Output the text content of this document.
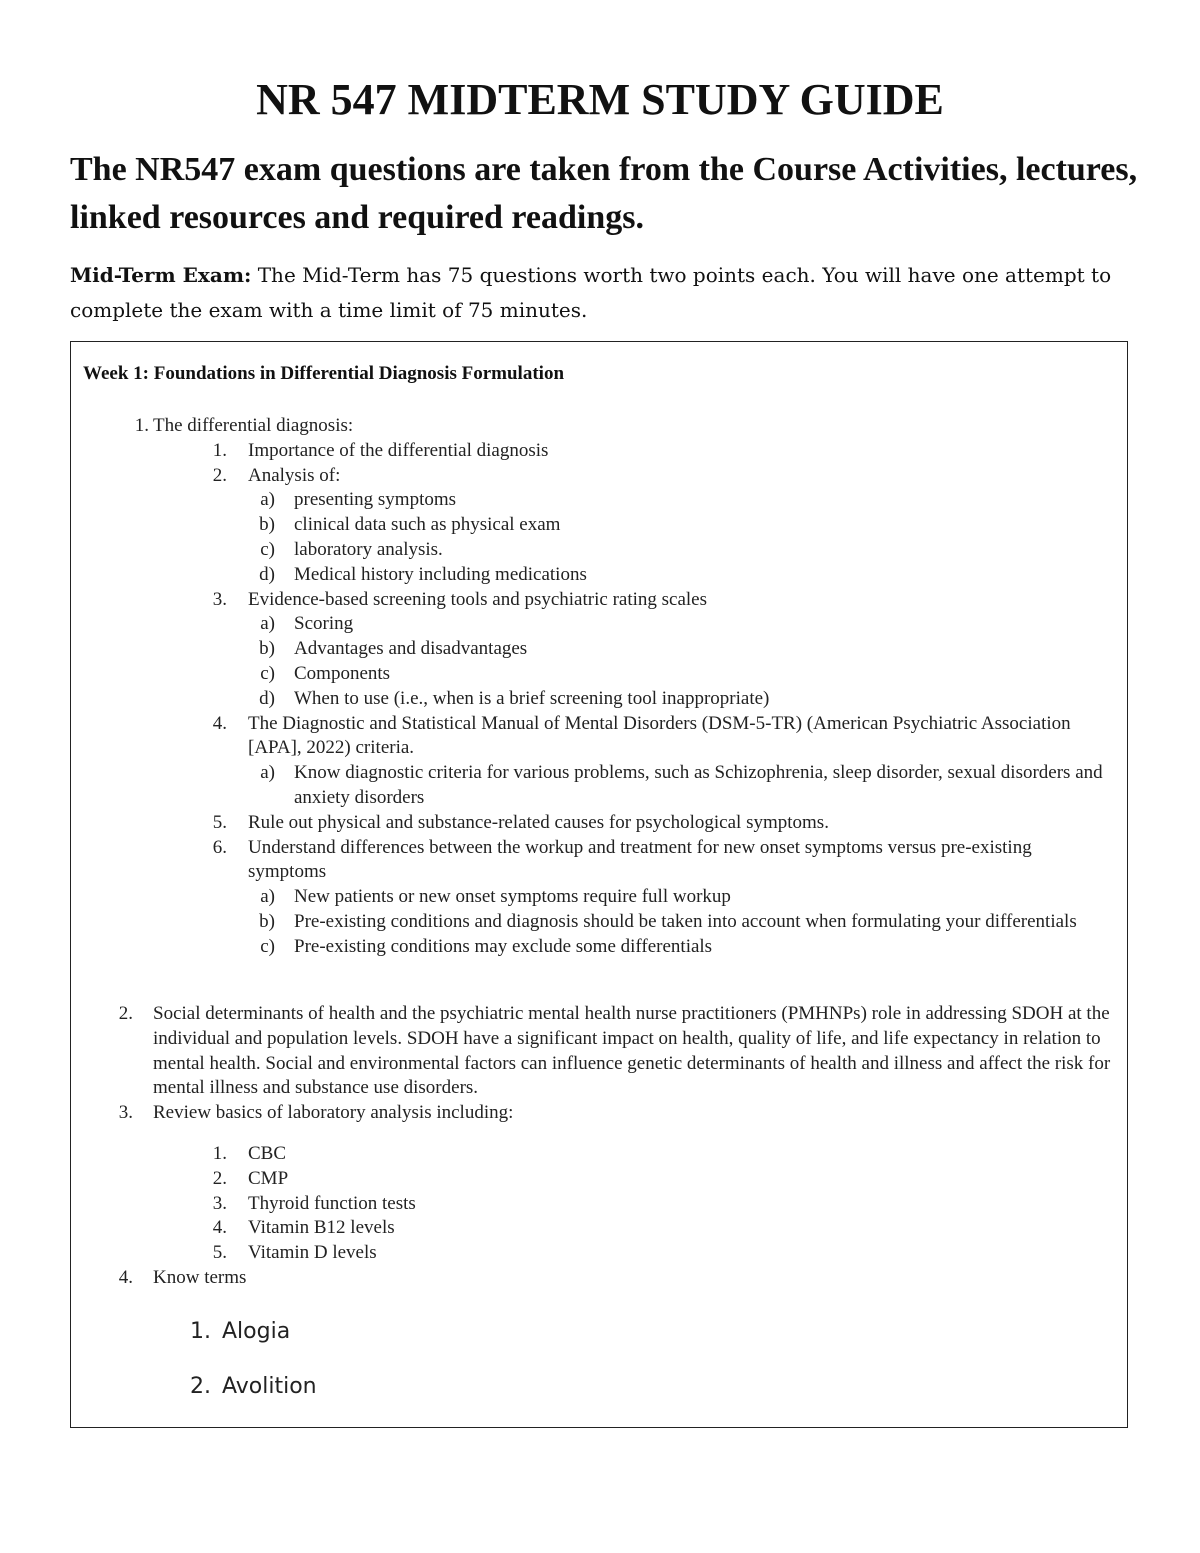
NR 547 MIDTERM STUDY GUIDE
The NR547 exam questions are taken from the Course Activities, lectures, linked resources and required readings.

Mid-Term Exam: The Mid-Term has 75 questions worth two points each. You will have one attempt to complete the exam with a time limit of 75 minutes.

Week 1: Foundations in Differential Diagnosis Formulation

1. The differential diagnosis:
1. Importance of the differential diagnosis
2. Analysis of:
a) presenting symptoms
b) clinical data such as physical exam
c) laboratory analysis.
d) Medical history including medications
3. Evidence-based screening tools and psychiatric rating scales
a) Scoring
b) Advantages and disadvantages
c) Components
d) When to use (i.e., when is a brief screening tool inappropriate)
4. The Diagnostic and Statistical Manual of Mental Disorders (DSM-5-TR) (American Psychiatric Association [APA], 2022) criteria.
a) Know diagnostic criteria for various problems, such as Schizophrenia, sleep disorder, sexual disorders and anxiety disorders
5. Rule out physical and substance-related causes for psychological symptoms.
6. Understand differences between the workup and treatment for new onset symptoms versus pre-existing symptoms
a) New patients or new onset symptoms require full workup
b) Pre-existing conditions and diagnosis should be taken into account when formulating your differentials
c) Pre-existing conditions may exclude some differentials
2. Social determinants of health and the psychiatric mental health nurse practitioners (PMHNPs) role in addressing SDOH at the individual and population levels. SDOH have a significant impact on health, quality of life, and life expectancy in relation to mental health. Social and environmental factors can influence genetic determinants of health and illness and affect the risk for mental illness and substance use disorders.
3. Review basics of laboratory analysis including:
1. CBC
2. CMP
3. Thyroid function tests
4. Vitamin B12 levels
5. Vitamin D levels
4. Know terms
1. Alogia
2. Avolition
